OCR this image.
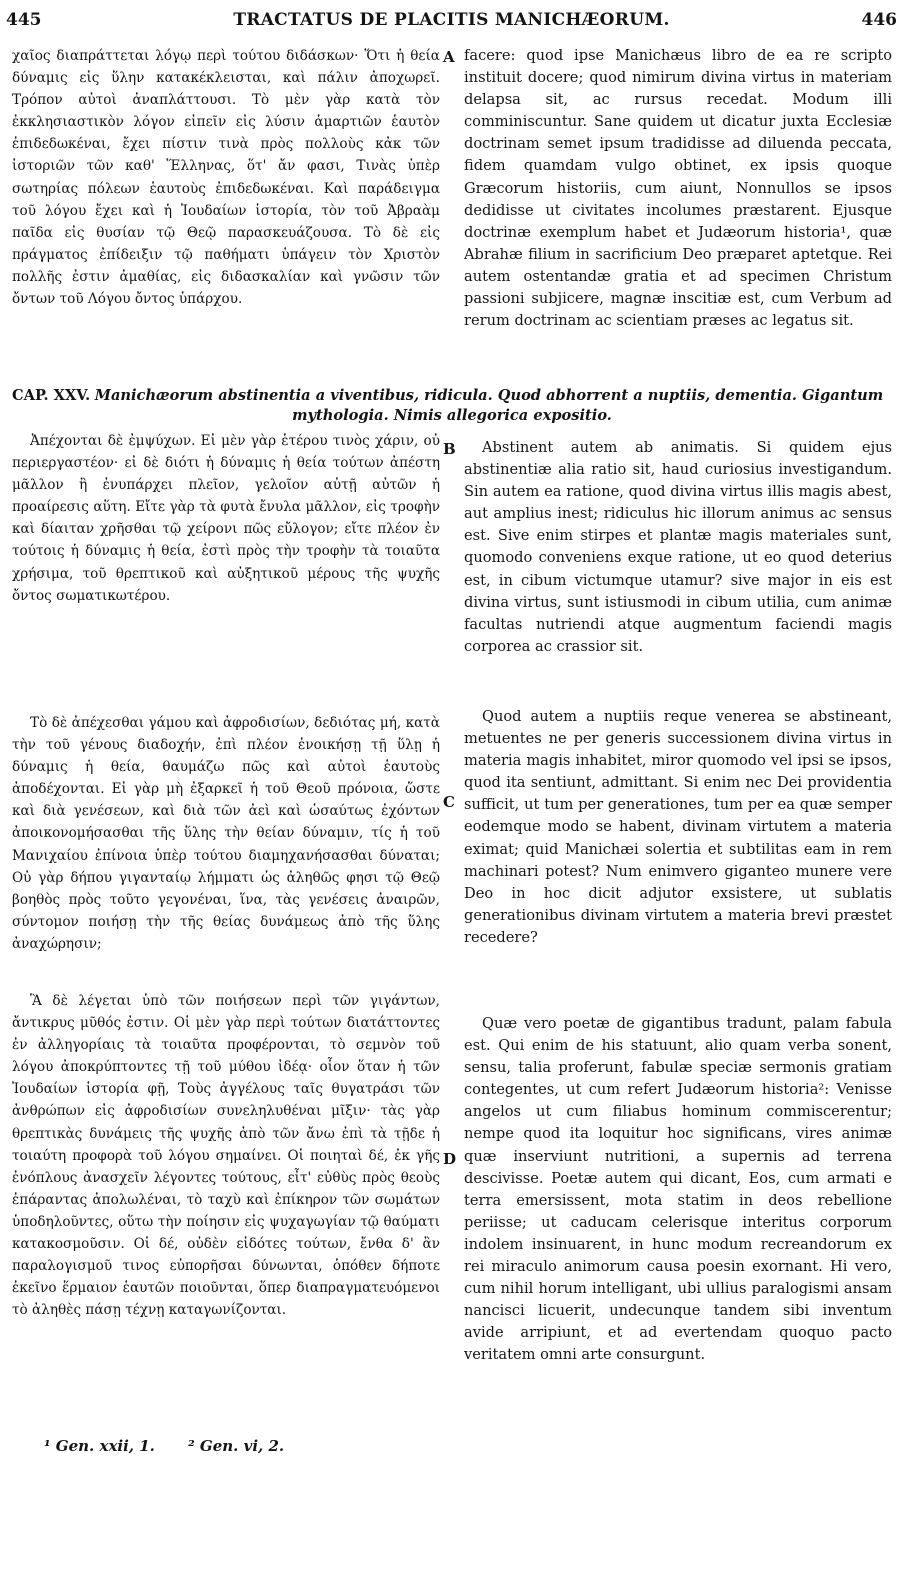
445	TRACTATUS DE PLACITIS MANICHÆORUM.	446

χαῖος διαπράττεται λόγῳ περὶ τούτου διδάσκων· Ὅτι ἡ θεία δύναμις εἰς ὕλην κατακέκλεισται, καὶ πάλιν ἀποχωρεῖ. Τρόπον αὐτοὶ ἀναπλάττουσι. Τὸ μὲν γὰρ κατὰ τὸν ἐκκλησιαστικὸν λόγον εἰπεῖν εἰς λύσιν ἁμαρτιῶν ἑαυτὸν ἐπιδεδωκέναι, ἔχει πίστιν τινὰ πρὸς πολλοὺς κἀκ τῶν ἱστοριῶν τῶν καθ' Ἕλληνας, ὅτ' ἄν φασι, Τινὰς ὑπὲρ σωτηρίας πόλεων ἑαυτοὺς ἐπιδεδωκέναι. Καὶ παράδειγμα τοῦ λόγου ἔχει καὶ ἡ Ἰουδαίων ἱστορία, τὸν τοῦ Ἀβραὰμ παῖδα εἰς θυσίαν τῷ Θεῷ παρασκευάζουσα. Τὸ δὲ εἰς πράγματος ἐπίδειξιν τῷ παθήματι ὑπάγειν τὸν Χριστὸν πολλῆς ἐστιν ἀμαθίας, εἰς διδασκαλίαν καὶ γνῶσιν τῶν ὄντων τοῦ Λόγου ὄντος ὑπάρχου.

A facere: quod ipse Manichæus libro de ea re scripto instituit docere; quod nimirum divina virtus in materiam delapsa sit, ac rursus recedat. Modum illi comminiscuntur. Sane quidem ut dicatur juxta Ecclesiæ doctrinam semet ipsum tradidisse ad diluenda peccata, fidem quamdam vulgo obtinet, ex ipsis quoque Græcorum historiis, cum aiunt, Nonnullos se ipsos dedidisse ut civitates incolumes præstarent. Ejusque doctrinæ exemplum habet et Judæorum historia¹, quæ Abrahæ filium in sacrificium Deo præparet aptetque. Rei autem ostentandæ gratia et ad specimen Christum passioni subjicere, magnæ inscitiæ est, cum Verbum ad rerum doctrinam ac scientiam præses ac legatus sit.

CAP. XXV. Manichæorum abstinentia a viventibus, ridicula. Quod abhorrent a nuptiis, dementia. Gigantum
mythologia. Nimis allegorica expositio.

Ἀπέχονται δὲ ἐμψύχων. Εἰ μὲν γὰρ ἑτέρου τινὸς χάριν, οὐ περιεργαστέον· εἰ δὲ διότι ἡ δύναμις ἡ θεία τούτων ἀπέστη μᾶλλον ἢ ἐνυπάρχει πλεῖον, γελοῖον αὐτῇ αὐτῶν ἡ προαίρεσις αὕτη. Εἴτε γὰρ τὰ φυτὰ ἔνυλα μᾶλλον, εἰς τροφὴν καὶ δίαιταν χρῆσθαι τῷ χείρονι πῶς εὔλογον; εἴτε πλέον ἐν τούτοις ἡ δύναμις ἡ θεία, ἐστὶ πρὸς τὴν τροφὴν τὰ τοιαῦτα χρήσιμα, τοῦ θρεπτικοῦ καὶ αὐξητικοῦ μέρους τῆς ψυχῆς ὄντος σωματικωτέρου.

B	Abstinent autem ab animatis. Si quidem ejus abstinentiæ alia ratio sit, haud curiosius investigandum. Sin autem ea ratione, quod divina virtus illis magis abest, aut amplius inest; ridiculus hic illorum animus ac sensus est. Sive enim stirpes et plantæ magis materiales sunt, quomodo conveniens exque ratione, ut eo quod deterius est, in cibum victumque utamur? sive major in eis est divina virtus, sunt istiusmodi in cibum utilia, cum animæ facultas nutriendi atque augmentum faciendi magis corporea ac crassior sit.

Τὸ δὲ ἀπέχεσθαι γάμου καὶ ἀφροδισίων, δεδιότας μή, κατὰ τὴν τοῦ γένους διαδοχήν, ἐπὶ πλέον ἐνοικήσῃ τῇ ὕλῃ ἡ δύναμις ἡ θεία, θαυμάζω πῶς καὶ αὐτοὶ ἑαυτοὺς ἀποδέχονται. Εἰ γὰρ μὴ ἐξαρκεῖ ἡ τοῦ Θεοῦ πρόνοια, ὥστε καὶ διὰ γενέσεων, καὶ διὰ τῶν ἀεὶ καὶ ὡσαύτως ἐχόντων ἀποικονομήσασθαι τῆς ὕλης τὴν θείαν δύναμιν, τίς ἡ τοῦ Μανιχαίου ἐπίνοια ὑπὲρ τούτου διαμηχανήσασθαι δύναται; Οὐ γὰρ δήπου γιγανταίῳ λήμματι ὡς ἀληθῶς φησι τῷ Θεῷ βοηθὸς πρὸς τοῦτο γεγονέναι, ἵνα, τὰς γενέσεις ἀναιρῶν, σύντομον ποιήσῃ τὴν τῆς θείας δυνάμεως ἀπὸ τῆς ὕλης ἀναχώρησιν;

C

Quod autem a nuptiis reque venerea se abstineant, metuentes ne per generis successionem divina virtus in materia magis inhabitet, miror quomodo vel ipsi se ipsos, quod ita sentiunt, admittant. Si enim nec Dei providentia sufficit, ut tum per generationes, tum per ea quæ semper eodemque modo se habent, divinam virtutem a materia eximat; quid Manichæi solertia et subtilitas eam in rem machinari potest? Num enimvero giganteo munere vere Deo in hoc dicit adjutor exsistere, ut sublatis generationibus divinam virtutem a materia brevi præstet recedere?

Ἃ δὲ λέγεται ὑπὸ τῶν ποιήσεων περὶ τῶν γιγάντων, ἄντικρυς μῦθός ἐστιν. Οἱ μὲν γὰρ περὶ τούτων διατάττοντες ἐν ἀλληγορίαις τὰ τοιαῦτα προφέρονται, τὸ σεμνὸν τοῦ λόγου ἀποκρύπτοντες τῇ τοῦ μύθου ἰδέᾳ· οἷον ὅταν ἡ τῶν Ἰουδαίων ἱστορία φῇ, Τοὺς ἀγγέλους ταῖς θυγατράσι τῶν ἀνθρώπων εἰς ἀφροδισίων συνεληλυθέναι μῖξιν· τὰς γὰρ θρεπτικὰς δυνάμεις τῆς ψυχῆς ἀπὸ τῶν ἄνω ἐπὶ τὰ τῇδε ἡ τοιαύτη προφορὰ τοῦ λόγου σημαίνει. Οἱ ποιηταὶ δέ, ἐκ γῆς ἐνόπλους ἀνασχεῖν λέγοντες τούτους, εἶτ' εὐθὺς πρὸς θεοὺς ἐπάραντας ἀπολωλέναι, τὸ ταχὺ καὶ ἐπίκηρον τῶν σωμάτων ὑποδηλοῦντες, οὕτω τὴν ποίησιν εἰς ψυχαγωγίαν τῷ θαύματι κατακοσμοῦσιν. Οἱ δέ, οὐδὲν εἰδότες τούτων, ἔνθα δ' ἂν παραλογισμοῦ τινος εὐπορῆσαι δύνωνται, ὁπόθεν δήποτε ἐκεῖνο ἕρμαιον ἑαυτῶν ποιοῦνται, ὅπερ διαπραγματευόμενοι τὸ ἀληθὲς πάσῃ τέχνῃ καταγωνίζονται.

D

Quæ vero poetæ de gigantibus tradunt, palam fabula est. Qui enim de his statuunt, alio quam verba sonent, sensu, talia proferunt, fabulæ speciæ sermonis gratiam contegentes, ut cum refert Judæorum historia²: Venisse angelos ut cum filiabus hominum commiscerentur; nempe quod ita loquitur hoc significans, vires animæ quæ inserviunt nutritioni, a supernis ad terrena descivisse. Poetæ autem qui dicant, Eos, cum armati e terra emersissent, mota statim in deos rebellione periisse; ut caducam celerisque interitus corporum indolem insinuarent, in hunc modum recreandorum ex rei miraculo animorum causa poesin exornant. Hi vero, cum nihil horum intelligant, ubi ullius paralogismi ansam nancisci licuerit, undecunque tandem sibi inventum avide arripiunt, et ad evertendam quoquo pacto veritatem omni arte consurgunt.

¹ Gen. xxii, 1. ² Gen. vi, 2.
